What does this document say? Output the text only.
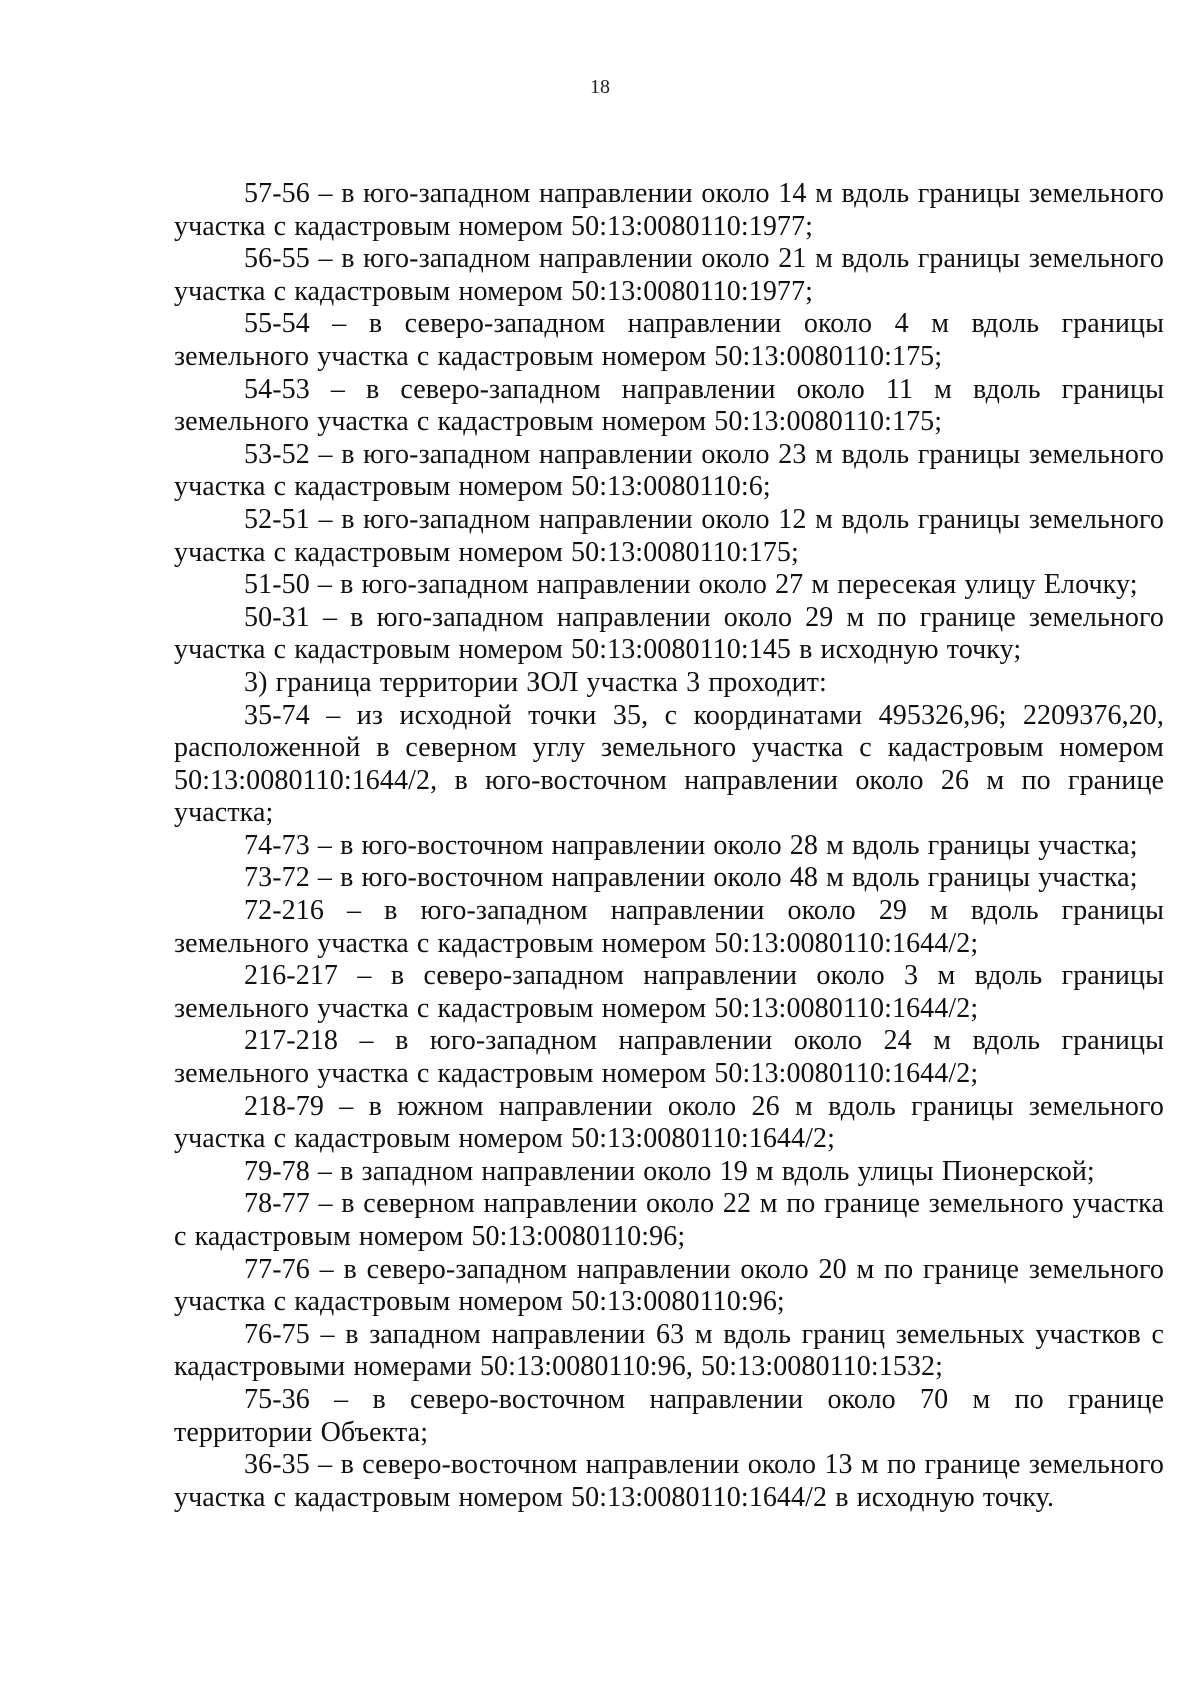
18

57-56 – в юго-западном направлении около 14 м вдоль границы земельного участка с кадастровым номером 50:13:0080110:1977;

56-55 – в юго-западном направлении около 21 м вдоль границы земельного участка с кадастровым номером 50:13:0080110:1977;

55-54 – в северо-западном направлении около 4 м вдоль границы земельного участка с кадастровым номером 50:13:0080110:175;

54-53 – в северо-западном направлении около 11 м вдоль границы земельного участка с кадастровым номером 50:13:0080110:175;

53-52 – в юго-западном направлении около 23 м вдоль границы земельного участка с кадастровым номером 50:13:0080110:6;

52-51 – в юго-западном направлении около 12 м вдоль границы земельного участка с кадастровым номером 50:13:0080110:175;

51-50 – в юго-западном направлении около 27 м пересекая улицу Елочку;

50-31 – в юго-западном направлении около 29 м по границе земельного участка с кадастровым номером 50:13:0080110:145 в исходную точку;

3) граница территории ЗОЛ участка 3 проходит:

35-74 – из исходной точки 35, с координатами 495326,96; 2209376,20, расположенной в северном углу земельного участка с кадастровым номером 50:13:0080110:1644/2, в юго-восточном направлении около 26 м по границе участка;

74-73 – в юго-восточном направлении около 28 м вдоль границы участка;

73-72 – в юго-восточном направлении около 48 м вдоль границы участка;

72-216 – в юго-западном направлении около 29 м вдоль границы земельного участка с кадастровым номером 50:13:0080110:1644/2;

216-217 – в северо-западном направлении около 3 м вдоль границы земельного участка с кадастровым номером 50:13:0080110:1644/2;

217-218 – в юго-западном направлении около 24 м вдоль границы земельного участка с кадастровым номером 50:13:0080110:1644/2;

218-79 – в южном направлении около 26 м вдоль границы земельного участка с кадастровым номером 50:13:0080110:1644/2;

79-78 – в западном направлении около 19 м вдоль улицы Пионерской;

78-77 – в северном направлении около 22 м по границе земельного участка с кадастровым номером 50:13:0080110:96;

77-76 – в северо-западном направлении около 20 м по границе земельного участка с кадастровым номером 50:13:0080110:96;

76-75 – в западном направлении 63 м вдоль границ земельных участков с кадастровыми номерами 50:13:0080110:96, 50:13:0080110:1532;

75-36 – в северо-восточном направлении около 70 м по границе территории Объекта;

36-35 – в северо-восточном направлении около 13 м по границе земельного участка с кадастровым номером 50:13:0080110:1644/2 в исходную точку.
